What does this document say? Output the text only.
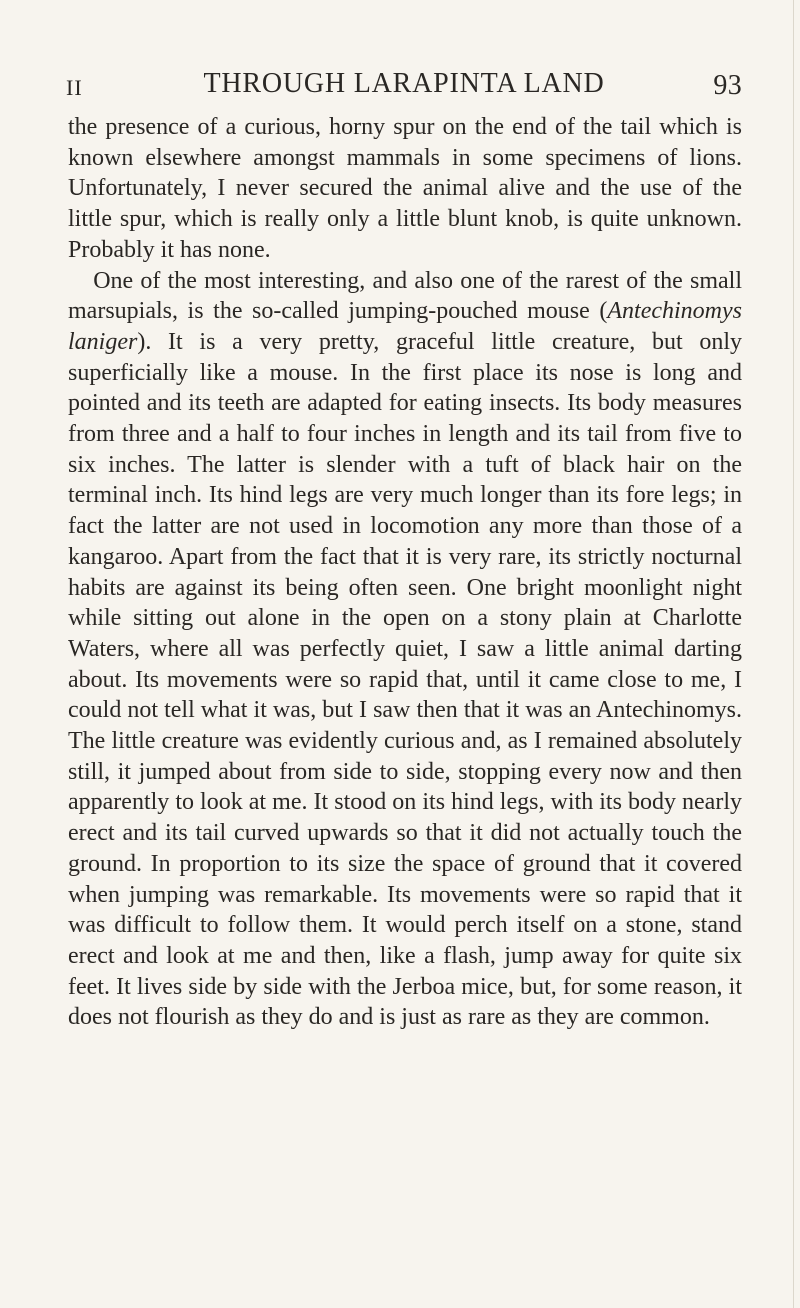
II	THROUGH LARAPINTA LAND	93

the presence of a curious, horny spur on the end of the tail which is known elsewhere amongst mammals in some specimens of lions. Unfortunately, I never secured the animal alive and the use of the little spur, which is really only a little blunt knob, is quite unknown. Probably it has none.

One of the most interesting, and also one of the rarest of the small marsupials, is the so-called jumping-pouched mouse (Antechinomys laniger). It is a very pretty, graceful little creature, but only superficially like a mouse. In the first place its nose is long and pointed and its teeth are adapted for eating insects. Its body measures from three and a half to four inches in length and its tail from five to six inches. The latter is slender with a tuft of black hair on the terminal inch. Its hind legs are very much longer than its fore legs; in fact the latter are not used in locomotion any more than those of a kangaroo. Apart from the fact that it is very rare, its strictly nocturnal habits are against its being often seen. One bright moonlight night while sitting out alone in the open on a stony plain at Charlotte Waters, where all was perfectly quiet, I saw a little animal darting about. Its movements were so rapid that, until it came close to me, I could not tell what it was, but I saw then that it was an Antechinomys. The little creature was evidently curious and, as I remained absolutely still, it jumped about from side to side, stopping every now and then apparently to look at me. It stood on its hind legs, with its body nearly erect and its tail curved upwards so that it did not actually touch the ground. In proportion to its size the space of ground that it covered when jumping was remarkable. Its movements were so rapid that it was difficult to follow them. It would perch itself on a stone, stand erect and look at me and then, like a flash, jump away for quite six feet. It lives side by side with the Jerboa mice, but, for some reason, it does not flourish as they do and is just as rare as they are common.
